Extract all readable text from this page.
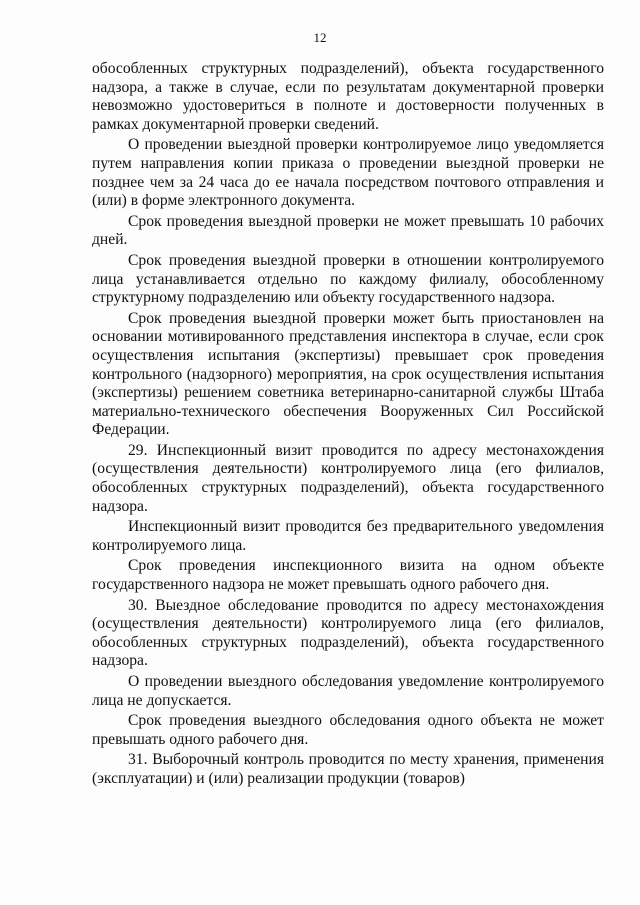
12

обособленных структурных подразделений), объекта государственного надзора, а также в случае, если по результатам документарной проверки невозможно удостовериться в полноте и достоверности полученных в рамках документарной проверки сведений.

О проведении выездной проверки контролируемое лицо уведомляется путем направления копии приказа о проведении выездной проверки не позднее чем за 24 часа до ее начала посредством почтового отправления и (или) в форме электронного документа.

Срок проведения выездной проверки не может превышать 10 рабочих дней.

Срок проведения выездной проверки в отношении контролируемого лица устанавливается отдельно по каждому филиалу, обособленному структурному подразделению или объекту государственного надзора.

Срок проведения выездной проверки может быть приостановлен на основании мотивированного представления инспектора в случае, если срок осуществления испытания (экспертизы) превышает срок проведения контрольного (надзорного) мероприятия, на срок осуществления испытания (экспертизы) решением советника ветеринарно-санитарной службы Штаба материально-технического обеспечения Вооруженных Сил Российской Федерации.

29. Инспекционный визит проводится по адресу местонахождения (осуществления деятельности) контролируемого лица (его филиалов, обособленных структурных подразделений), объекта государственного надзора.

Инспекционный визит проводится без предварительного уведомления контролируемого лица.

Срок проведения инспекционного визита на одном объекте государственного надзора не может превышать одного рабочего дня.

30. Выездное обследование проводится по адресу местонахождения (осуществления деятельности) контролируемого лица (его филиалов, обособленных структурных подразделений), объекта государственного надзора.

О проведении выездного обследования уведомление контролируемого лица не допускается.

Срок проведения выездного обследования одного объекта не может превышать одного рабочего дня.

31. Выборочный контроль проводится по месту хранения, применения (эксплуатации) и (или) реализации продукции (товаров)
